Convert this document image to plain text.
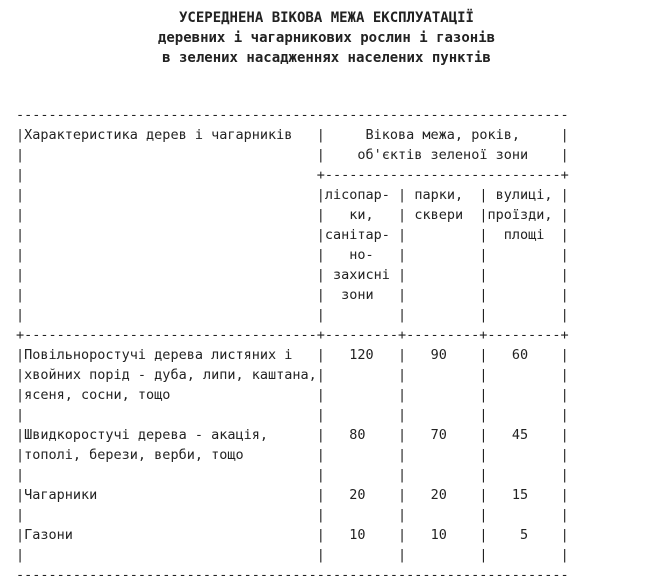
УСЕРЕДНЕНА ВІКОВА МЕЖА ЕКСПЛУАТАЦІЇ
деревних і чагарникових рослин і газонів
в зелених насадженнях населених пунктів
--------------------------------------------------------------------
|Характеристика дерев і чагарників   |     Вікова межа, років,     |
|	|    об'єктів зеленої зони    |
|	+-----------------------------+
|	|лісопар- | парки,  | вулиці, |
|	|   ки,   | сквери  |проїзди, |
|	|санітар- |	|  площі  |
|	|   но-   |	|	|
|	| захисні |	|	|
|	|  зони   |	|	|
|	|	|	|	|
+------------------------------------+---------+---------+---------+
|Повільноростучі дерева листяних і   |   120   |   90    |   60    |
|хвойних порід - дуба, липи, каштана,|	|	|	|
|ясеня, сосни, тощо                  |	|	|	|
|	|	|	|	|
|Швидкоростучі дерева - акація,      |   80    |   70    |   45    |
|тополі, берези, верби, тощо         |	|	|	|
|	|	|	|	|
|Чагарники                           |   20    |   20    |   15    |
|	|	|	|	|
|Газони                              |   10    |   10    |    5    |
|	|	|	|	|
--------------------------------------------------------------------
